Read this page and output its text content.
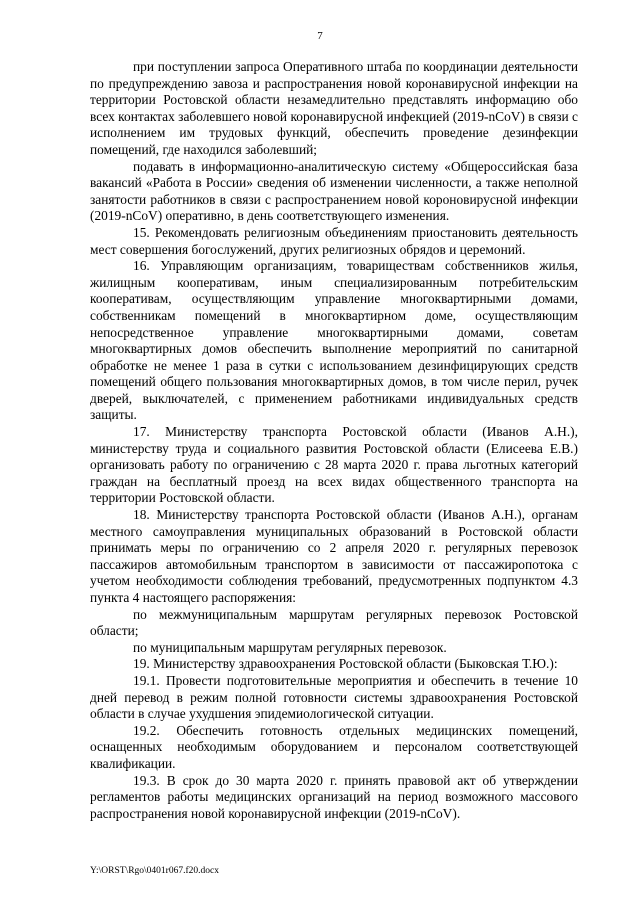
7

при поступлении запроса Оперативного штаба по координации деятельности по предупреждению завоза и распространения новой коронавирусной инфекции на территории Ростовской области незамедлительно представлять информацию обо всех контактах заболевшего новой коронавирусной инфекцией (2019-nCoV) в связи с исполнением им трудовых функций, обеспечить проведение дезинфекции помещений, где находился заболевший;

подавать в информационно-аналитическую систему «Общероссийская база вакансий «Работа в России» сведения об изменении численности, а также неполной занятости работников в связи с распространением новой короновирусной инфекции (2019-nCoV) оперативно, в день соответствующего изменения.

15. Рекомендовать религиозным объединениям приостановить деятельность мест совершения богослужений, других религиозных обрядов и церемоний.

16. Управляющим организациям, товариществам собственников жилья, жилищным кооперативам, иным специализированным потребительским кооперативам, осуществляющим управление многоквартирными домами, собственникам помещений в многоквартирном доме, осуществляющим непосредственное управление многоквартирными домами, советам многоквартирных домов обеспечить выполнение мероприятий по санитарной обработке не менее 1 раза в сутки с использованием дезинфицирующих средств помещений общего пользования многоквартирных домов, в том числе перил, ручек дверей, выключателей, с применением работниками индивидуальных средств защиты.

17. Министерству транспорта Ростовской области (Иванов А.Н.), министерству труда и социального развития Ростовской области (Елисеева Е.В.) организовать работу по ограничению с 28 марта 2020 г. права льготных категорий граждан на бесплатный проезд на всех видах общественного транспорта на территории Ростовской области.

18. Министерству транспорта Ростовской области (Иванов А.Н.), органам местного самоуправления муниципальных образований в Ростовской области принимать меры по ограничению со 2 апреля 2020 г. регулярных перевозок пассажиров автомобильным транспортом в зависимости от пассажиропотока с учетом необходимости соблюдения требований, предусмотренных подпунктом 4.3 пункта 4 настоящего распоряжения:

по межмуниципальным маршрутам регулярных перевозок Ростовской области;

по муниципальным маршрутам регулярных перевозок.

19. Министерству здравоохранения Ростовской области (Быковская Т.Ю.):

19.1. Провести подготовительные мероприятия и обеспечить в течение 10 дней перевод в режим полной готовности системы здравоохранения Ростовской области в случае ухудшения эпидемиологической ситуации.

19.2. Обеспечить готовность отдельных медицинских помещений, оснащенных необходимым оборудованием и персоналом соответствующей квалификации.

19.3. В срок до 30 марта 2020 г. принять правовой акт об утверждении регламентов работы медицинских организаций на период возможного массового распространения новой коронавирусной инфекции (2019-nCoV).

Y:\ORST\Rgo\0401r067.f20.docx
